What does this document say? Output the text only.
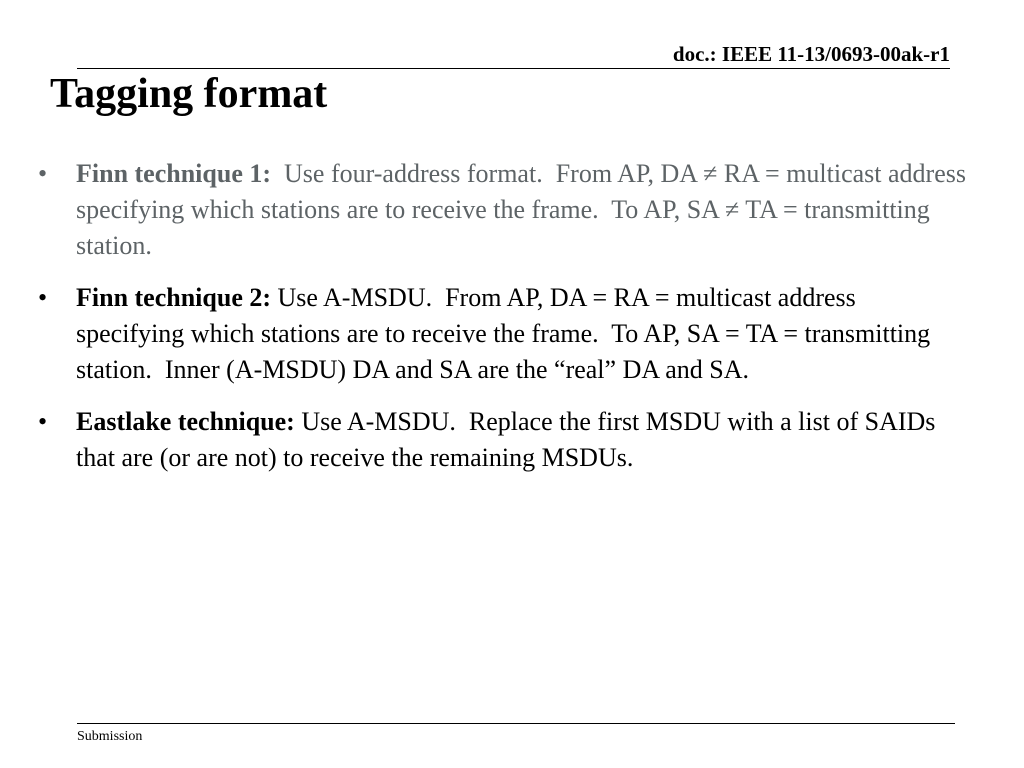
doc.: IEEE 11-13/0693-00ak-r1
Tagging format
•	Finn technique 1:  Use four-address format.  From AP, DA ≠ RA = multicast address specifying which stations are to receive the frame.  To AP, SA ≠ TA = transmitting station.
•	Finn technique 2: Use A-MSDU.  From AP, DA = RA = multicast address specifying which stations are to receive the frame.  To AP, SA = TA = transmitting station.  Inner (A-MSDU) DA and SA are the “real” DA and SA.
•	Eastlake technique: Use A-MSDU.  Replace the first MSDU with a list of SAIDs that are (or are not) to receive the remaining MSDUs.
Submission
